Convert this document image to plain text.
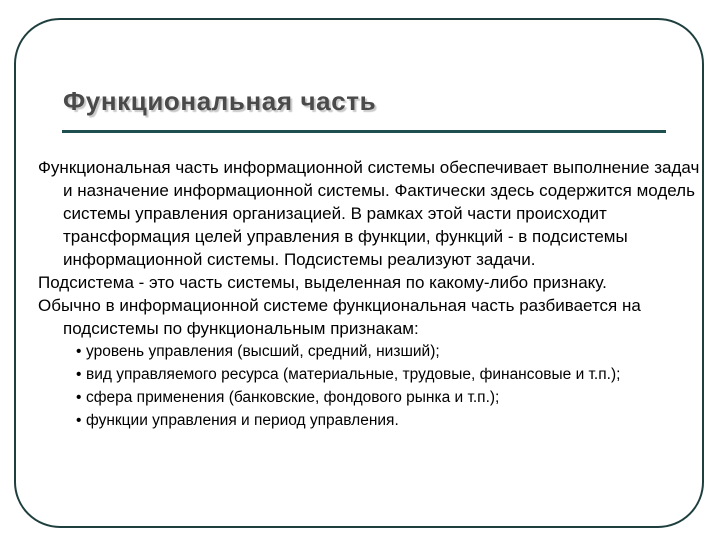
Функциональная часть

Функциональная часть информационной системы обеспечивает выполнение задач и назначение информационной системы. Фактически здесь содержится модель системы управления организацией. В рамках этой части происходит трансформация целей управления в функции, функций - в подсистемы информационной системы. Подсистемы реализуют задачи.

Подсистема - это часть системы, выделенная по какому-либо признаку.

Обычно в информационной системе функциональная часть разбивается на подсистемы по функциональным признакам:

• уровень управления (высший, средний, низший);
• вид управляемого ресурса (материальные, трудовые, финансовые и т.п.);
• сфера применения (банковские, фондового рынка и т.п.);
• функции управления и период управления.
